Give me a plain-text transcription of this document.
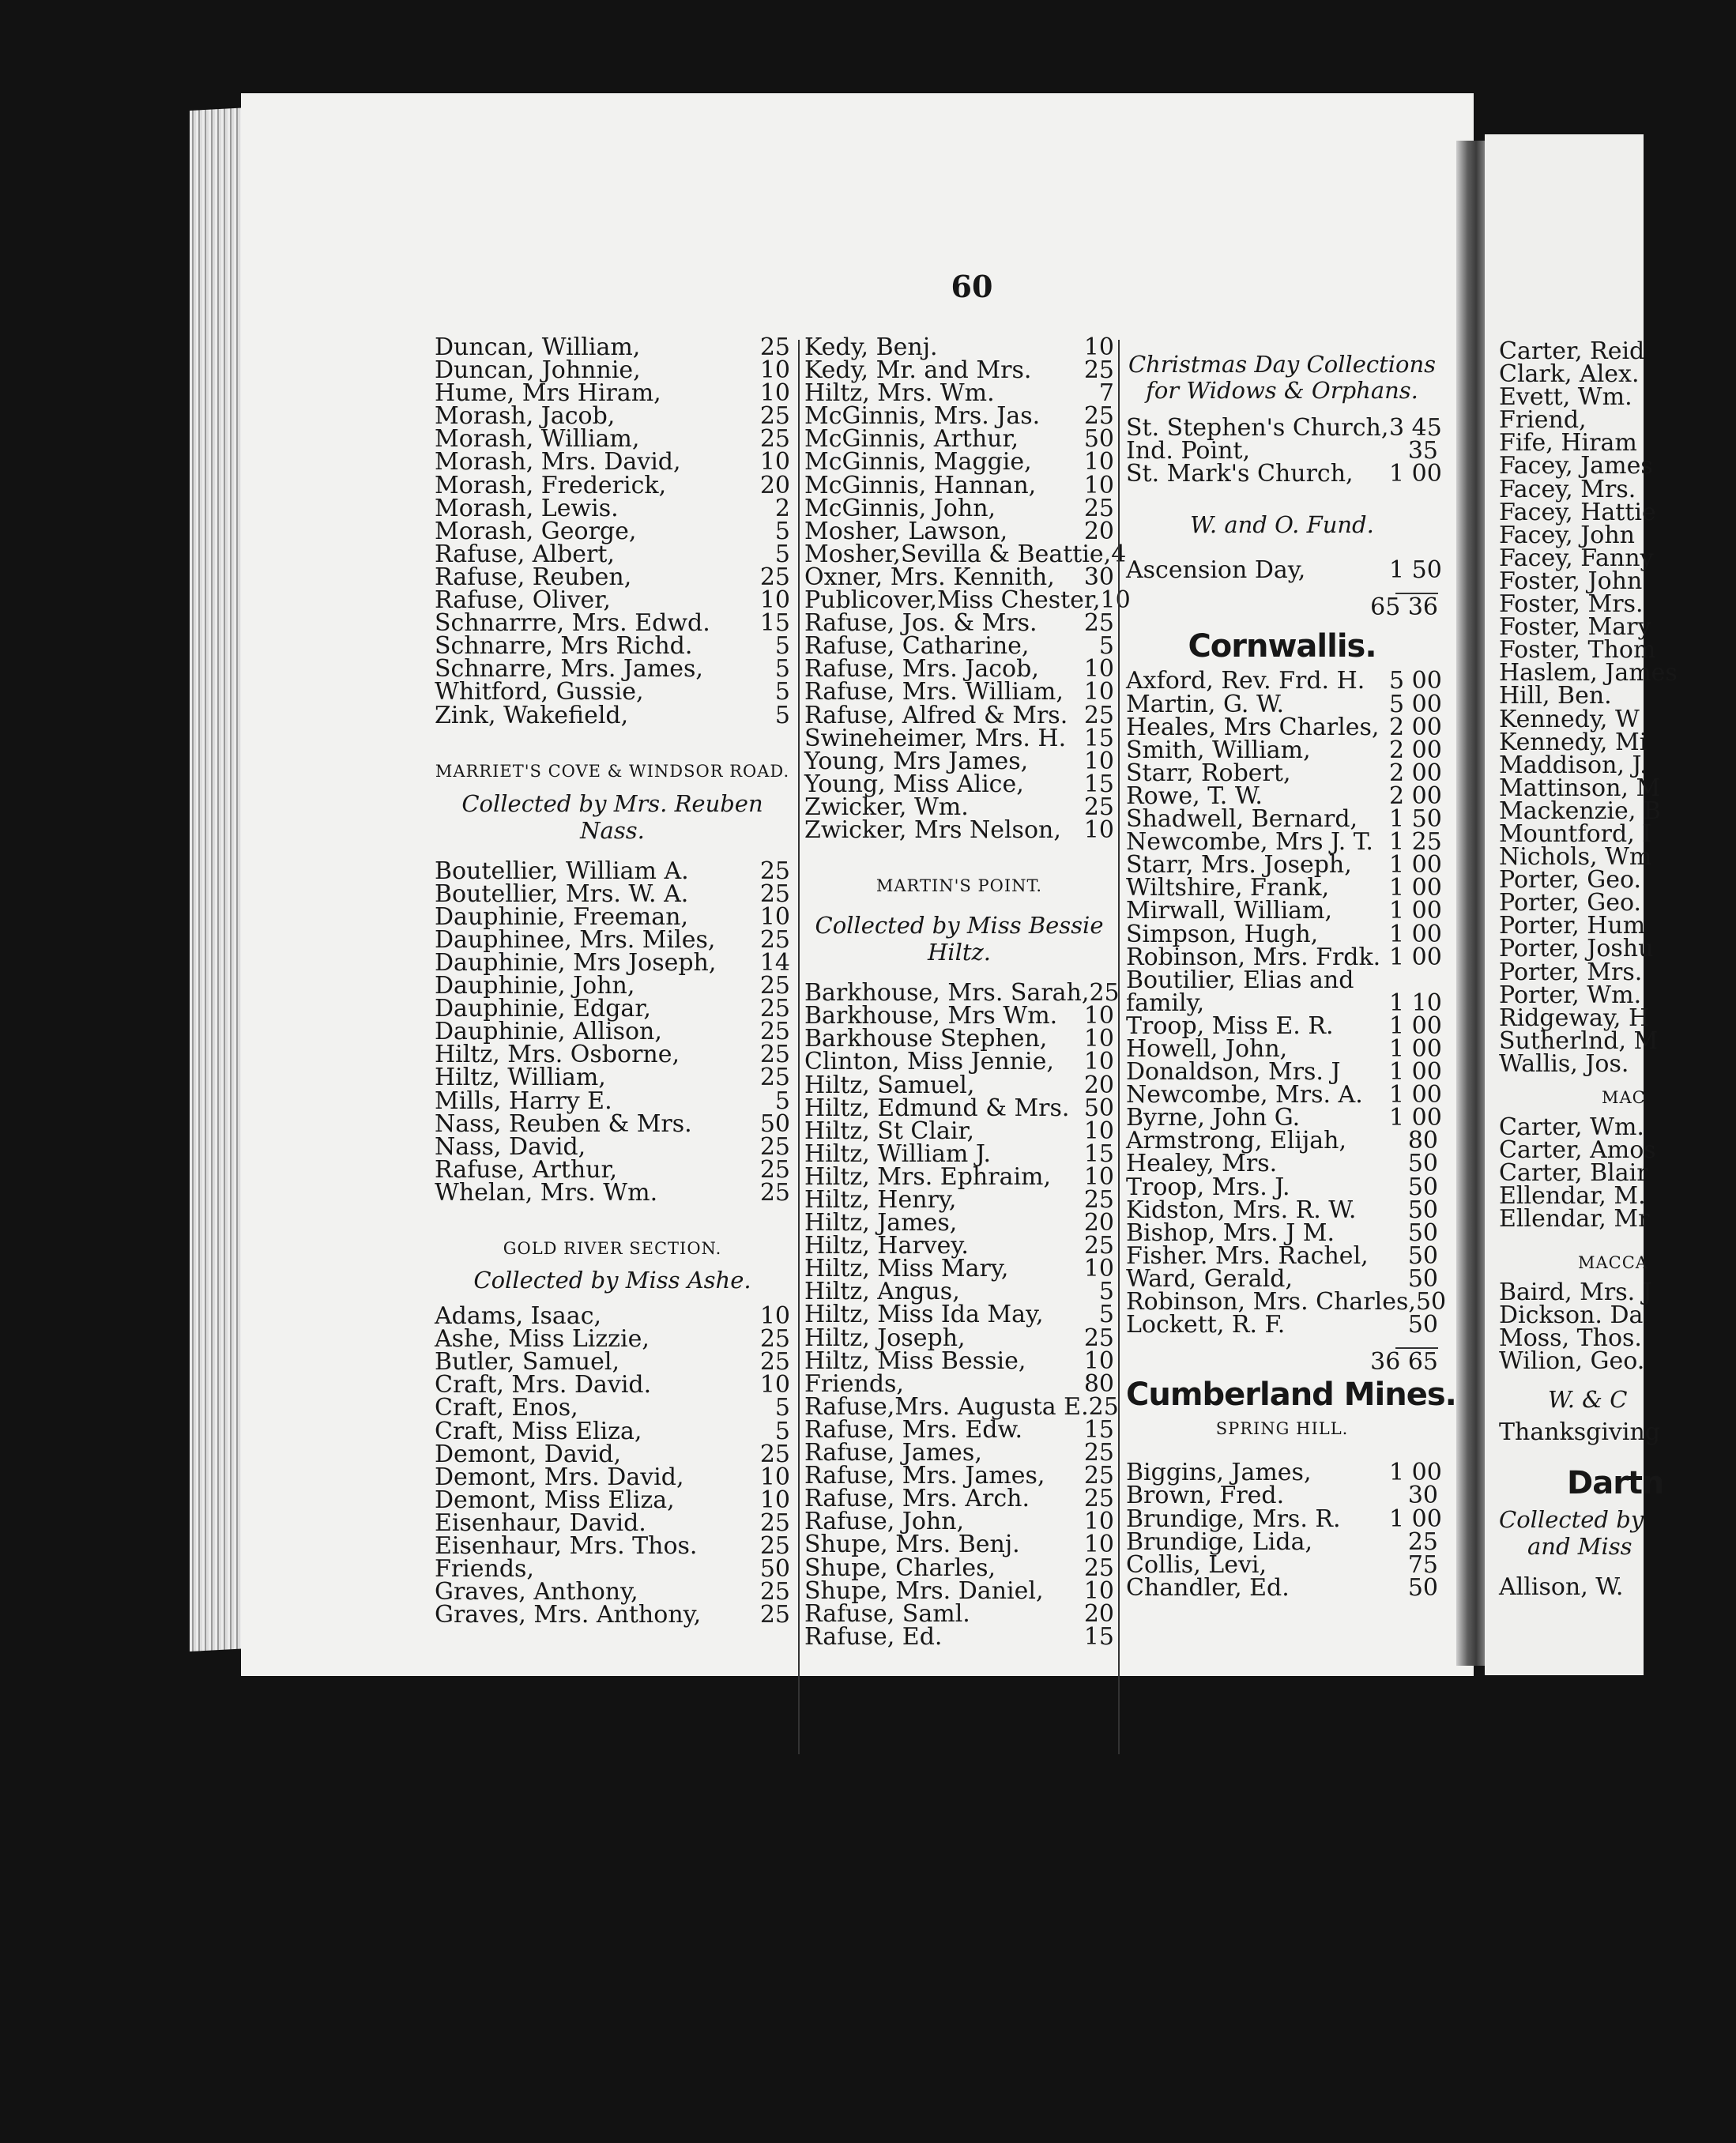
Carter, Reid
Clark, Alex.
Evett, Wm.
Friend,
Fife, Hiram
Facey, James
Facey, Mrs.
Facey, Hattie
Facey, John
Facey, Fanny
Foster, John
Foster, Mrs.
Foster, Mary
Foster, Thom
Haslem, James
Hill, Ben.
Kennedy, W
Kennedy, Mi
Maddison, J.
Mattinson, M
Mackenzie, B
Mountford, I
Nichols, Wm
Porter, Geo.
Porter, Geo.
Porter, Hum
Porter, Joshu
Porter, Mrs.
Porter, Wm.
Ridgeway, H
Sutherlnd, M
Wallis, Jos.
MAC
Carter, Wm.
Carter, Amos
Carter, Blair
Ellendar, M.
Ellendar, Mr
MACCA
Baird, Mrs. J
Dickson. Da
Moss, Thos.
Wilion, Geo.
W. & C
Thanksgiving
Dartn
Collected by
and Miss
Allison, W.
60
Duncan, William,	25
Duncan, Johnnie,	10
Hume, Mrs Hiram,	10
Morash, Jacob,	25
Morash, William,	25
Morash, Mrs. David,	10
Morash, Frederick,	20
Morash, Lewis.	2
Morash, George,	5
Rafuse, Albert,	5
Rafuse, Reuben,	25
Rafuse, Oliver,	10
Schnarrre, Mrs. Edwd.	15
Schnarre, Mrs Richd.	5
Schnarre, Mrs. James,	5
Whitford, Gussie,	5
Zink, Wakefield,	5
MARRIET'S COVE & WINDSOR ROAD.
Collected by Mrs. Reuben
Nass.
Boutellier, William A.	25
Boutellier, Mrs. W. A.	25
Dauphinie, Freeman,	10
Dauphinee, Mrs. Miles,	25
Dauphinie, Mrs Joseph,	14
Dauphinie, John,	25
Dauphinie, Edgar,	25
Dauphinie, Allison,	25
Hiltz, Mrs. Osborne,	25
Hiltz, William,	25
Mills, Harry E.	5
Nass, Reuben & Mrs.	50
Nass, David,	25
Rafuse, Arthur,	25
Whelan, Mrs. Wm.	25
GOLD RIVER SECTION.
Collected by Miss Ashe.
Adams, Isaac,	10
Ashe, Miss Lizzie,	25
Butler, Samuel,	25
Craft, Mrs. David.	10
Craft, Enos,	5
Craft, Miss Eliza,	5
Demont, David,	25
Demont, Mrs. David,	10
Demont, Miss Eliza,	10
Eisenhaur, David.	25
Eisenhaur, Mrs. Thos.	25
Friends,	50
Graves, Anthony,	25
Graves, Mrs. Anthony,	25
Kedy, Benj.	10
Kedy, Mr. and Mrs.	25
Hiltz, Mrs. Wm.	7
McGinnis, Mrs. Jas.	25
McGinnis, Arthur,	50
McGinnis, Maggie,	10
McGinnis, Hannan,	10
McGinnis, John,	25
Mosher, Lawson,	20
Mosher,Sevilla & Beattie, 4
Oxner, Mrs. Kennith,	30
Publicover,Miss Chester, 10
Rafuse, Jos. & Mrs.	25
Rafuse, Catharine,	5
Rafuse, Mrs. Jacob,	10
Rafuse, Mrs. William, 10
Rafuse, Alfred & Mrs. 25
Swineheimer, Mrs. H. 15
Young, Mrs James,	10
Young, Miss Alice,	15
Zwicker, Wm.	25
Zwicker, Mrs Nelson, 10
MARTIN'S POINT.
Collected by Miss Bessie
Hiltz.
Barkhouse, Mrs. Sarah, 25
Barkhouse, Mrs Wm.	10
Barkhouse Stephen,	10
Clinton, Miss Jennie,	10
Hiltz, Samuel,	20
Hiltz, Edmund & Mrs. 50
Hiltz, St Clair,	10
Hiltz, William J.	15
Hiltz, Mrs. Ephraim,	10
Hiltz, Henry,	25
Hiltz, James,	20
Hiltz, Harvey.	25
Hiltz, Miss Mary,	10
Hiltz, Angus,	5
Hiltz, Miss Ida May,	5
Hiltz, Joseph,	25
Hiltz, Miss Bessie,	10
Friends,	80
Rafuse,Mrs. Augusta E. 25
Rafuse, Mrs. Edw.	15
Rafuse, James,	25
Rafuse, Mrs. James,	25
Rafuse, Mrs. Arch.	25
Rafuse, John,	10
Shupe, Mrs. Benj.	10
Shupe, Charles,	25
Shupe, Mrs. Daniel,	10
Rafuse, Saml.	20
Rafuse, Ed.	15
Christmas Day Collections
for Widows & Orphans.
St. Stephen's Church, 3 45
Ind. Point,	35
St. Mark's Church,	1 00
W. and O. Fund.
Ascension Day,	1 50
65 36
Cornwallis.
Axford, Rev. Frd. H.	5 00
Martin, G. W.	5 00
Heales, Mrs Charles, 2 00
Smith, William,	2 00
Starr, Robert,	2 00
Rowe, T. W.	2 00
Shadwell, Bernard,	1 50
Newcombe, Mrs J. T. 1 25
Starr, Mrs. Joseph,	1 00
Wiltshire, Frank,	1 00
Mirwall, William,	1 00
Simpson, Hugh,	1 00
Robinson, Mrs. Frdk. 1 00
Boutilier, Elias and
family,	1 10
Troop, Miss E. R.	1 00
Howell, John,	1 00
Donaldson, Mrs. J	1 00
Newcombe, Mrs. A.	1 00
Byrne, John G.	1 00
Armstrong, Elijah,	80
Healey, Mrs.	50
Troop, Mrs. J.	50
Kidston, Mrs. R. W.	50
Bishop, Mrs. J M.	50
Fisher. Mrs. Rachel,	50
Ward, Gerald,	50
Robinson, Mrs. Charles, 50
Lockett, R. F.	50
36 65
Cumberland Mines.
SPRING HILL.
Biggins, James,	1 00
Brown, Fred.	30
Brundige, Mrs. R.	1 00
Brundige, Lida,	25
Collis, Levi,	75
Chandler, Ed.	50
